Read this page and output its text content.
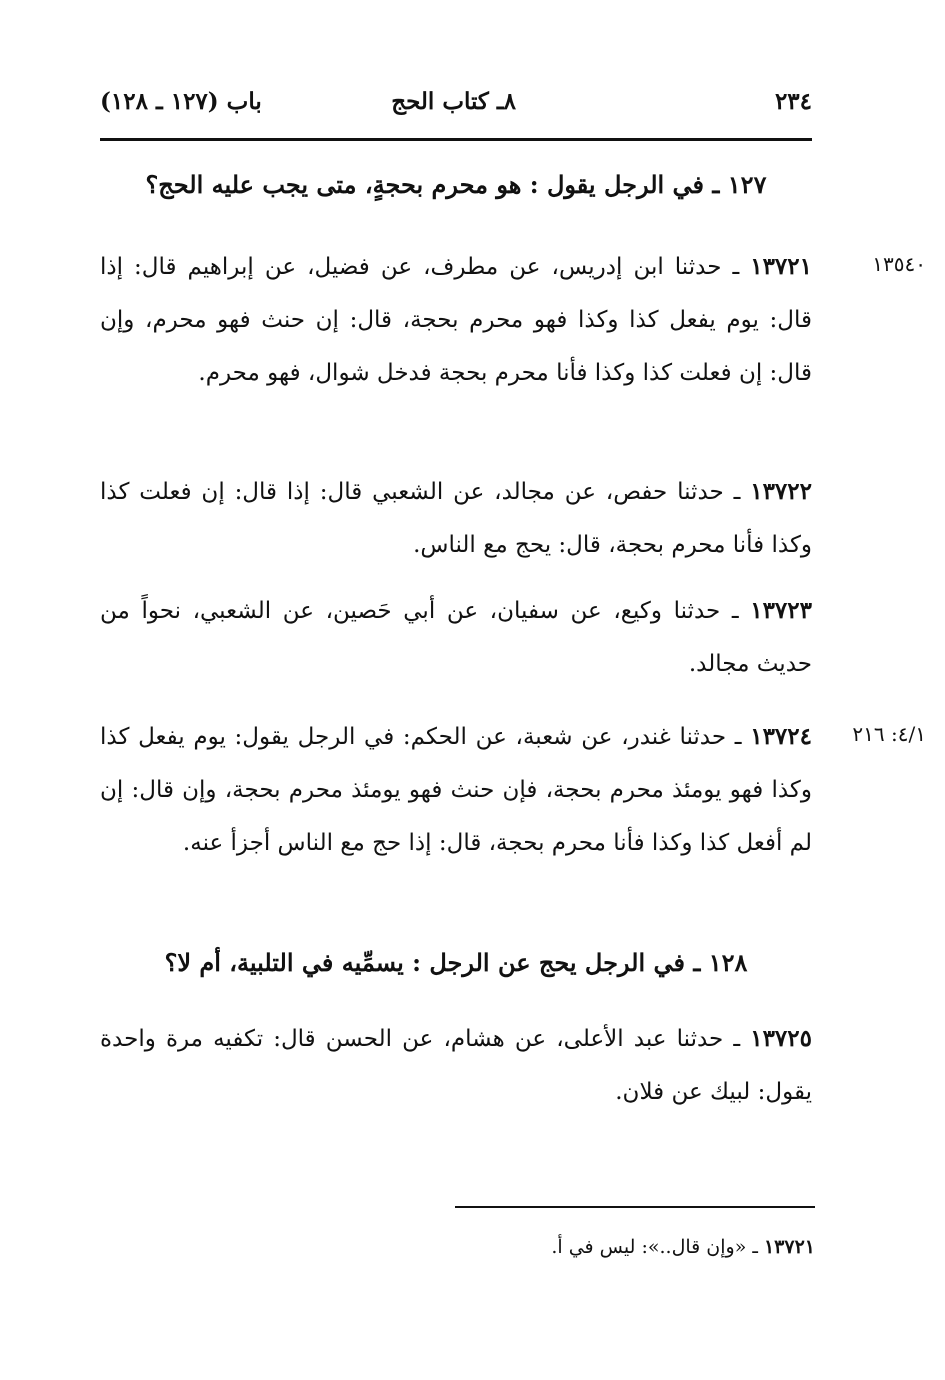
٢٣٤
٨ـ كتاب الحج
باب (١٢٧ ـ ١٢٨)
١٢٧ ـ في الرجل يقول : هو محرم بحجةٍ، متى يجب عليه الحج؟
١٣٥٤٠
١٣٧٢١ ـ حدثنا ابن إدريس، عن مطرف، عن فضيل، عن إبراهيم قال: إذا قال: يوم يفعل كذا وكذا فهو محرم بحجة، قال: إن حنث فهو محرم، وإن قال: إن فعلت كذا وكذا فأنا محرم بحجة فدخل شوال، فهو محرم.
١٣٧٢٢ ـ حدثنا حفص، عن مجالد، عن الشعبي قال: إذا قال: إن فعلت كذا وكذا فأنا محرم بحجة، قال: يحج مع الناس.
١٣٧٢٣ ـ حدثنا وكيع، عن سفيان، عن أبي حَصين، عن الشعبي، نحواً من حديث مجالد.
٤/١: ٢١٦
١٣٧٢٤ ـ حدثنا غندر، عن شعبة، عن الحكم: في الرجل يقول: يوم يفعل كذا وكذا فهو يومئذ محرم بحجة، فإن حنث فهو يومئذ محرم بحجة، وإن قال: إن لم أفعل كذا وكذا فأنا محرم بحجة، قال: إذا حج مع الناس أجزأ عنه.
١٢٨ ـ في الرجل يحج عن الرجل : يسمِّيه في التلبية، أم لا؟
١٣٧٢٥ ـ حدثنا عبد الأعلى، عن هشام، عن الحسن قال: تكفيه مرة واحدة يقول: لبيك عن فلان.
١٣٧٢١ ـ «وإن قال..»: ليس في أ.
